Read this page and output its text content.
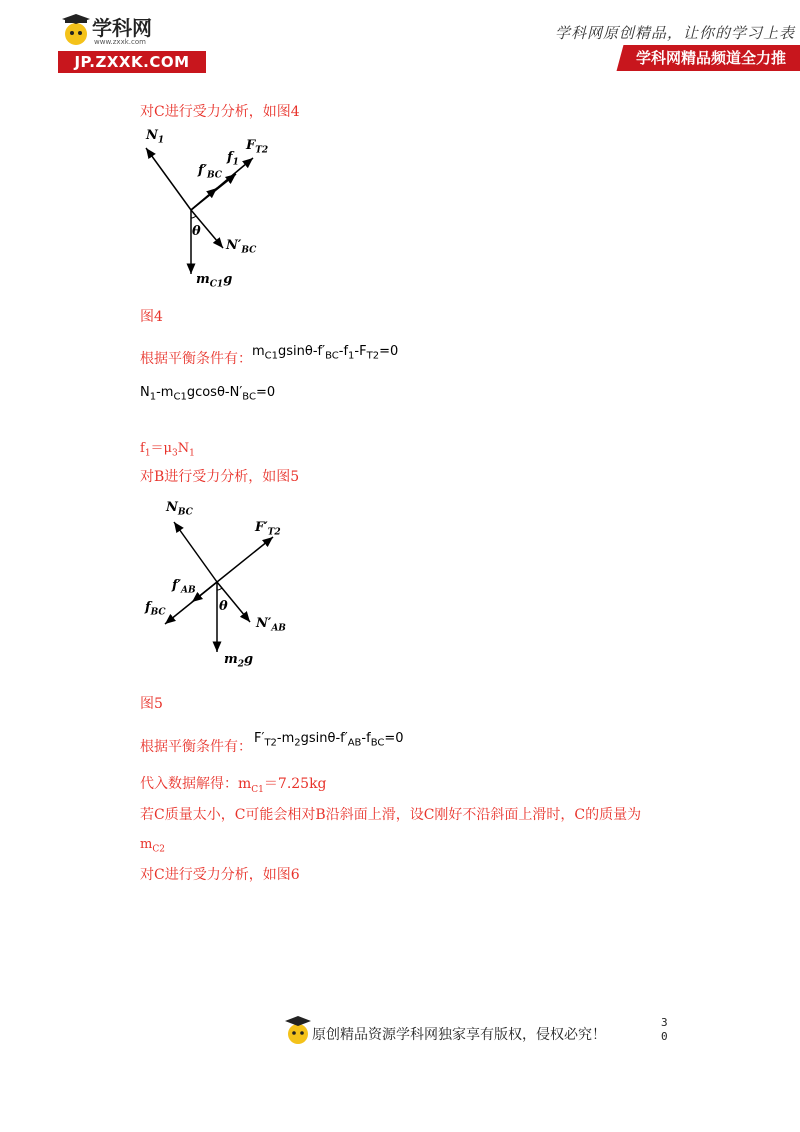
学科网
www.zxxk.com
JP.ZXXK.COM
学科网原创精品，让你的学习上表
学科网精品频道全力推
对C进行受力分析，如图4
$N_1$
$f'_{BC}$
$f_1$
$F_{T2}$
θ
$N'_{BC}$
$m_{C1}g$
图4
根据平衡条件有： $m_{C1}gsin\theta-f'_{BC}-f_1-F_{T2}=0$
$N_1-m_{C1}gcos\theta-N'_{BC}=0$
$f_1=\mu_3N_1$
对B进行受力分析，如图5
$N_{BC}$
$F'_{T2}$
$f'_{AB}$
$f_{BC}$	θ
$N'_{AB}$
$m_2g$
图5
根据平衡条件有：
$F'_{T2}-m_2gsin\theta-f'_{AB}-f_{BC}=0$
代入数据解得：$m_{C1}=7.25kg$
若C质量太小，C可能会相对B沿斜面上滑，设C刚好不沿斜面上滑时，C的质量为
$m_{C2}$
对C进行受力分析，如图6
原创精品资源学科网独家享有版权，侵权必究！
3
0
